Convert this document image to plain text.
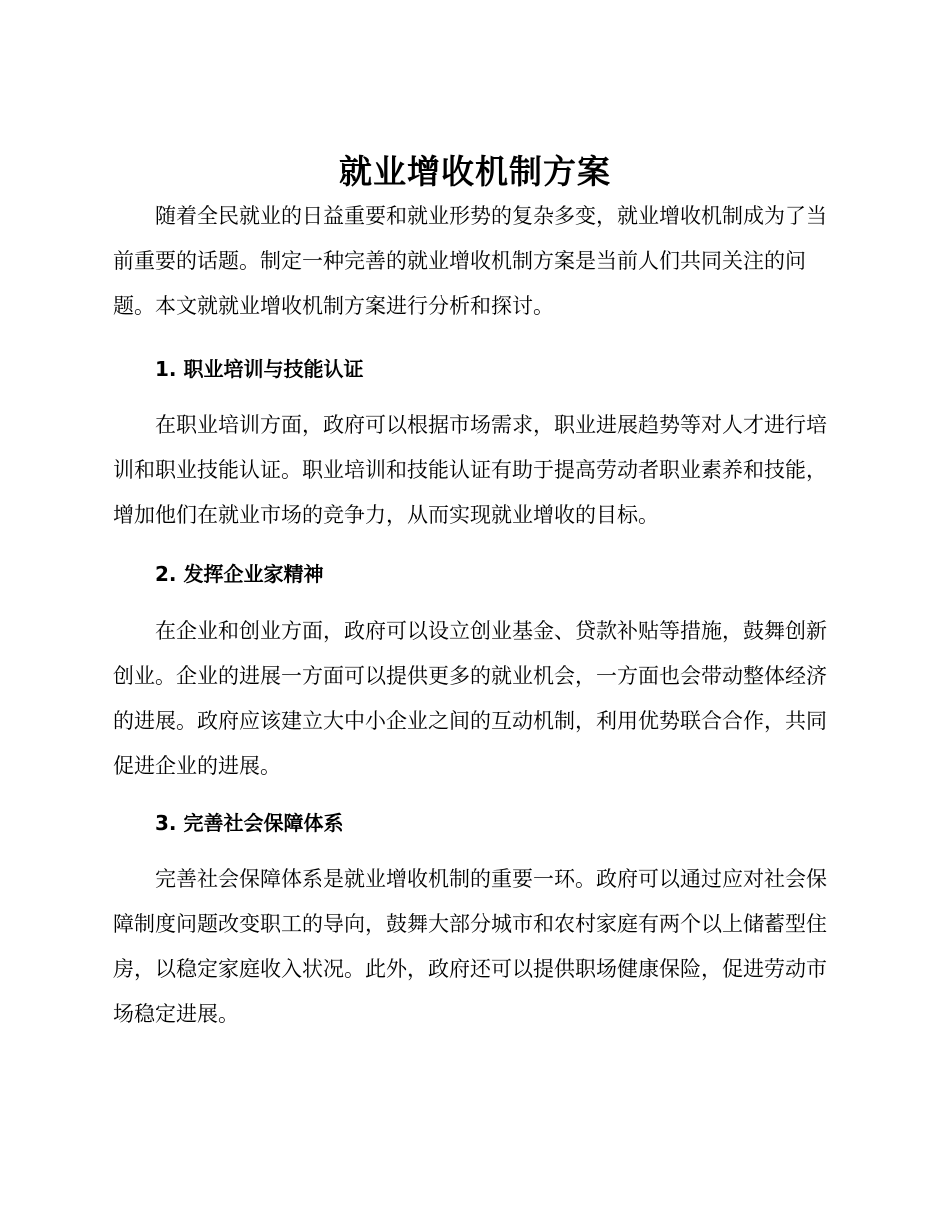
就业增收机制方案

随着全民就业的日益重要和就业形势的复杂多变，就业增收机制成为了当前重要的话题。制定一种完善的就业增收机制方案是当前人们共同关注的问题。本文就就业增收机制方案进行分析和探讨。

1. 职业培训与技能认证

在职业培训方面，政府可以根据市场需求，职业进展趋势等对人才进行培训和职业技能认证。职业培训和技能认证有助于提高劳动者职业素养和技能，增加他们在就业市场的竞争力，从而实现就业增收的目标。

2. 发挥企业家精神

在企业和创业方面，政府可以设立创业基金、贷款补贴等措施，鼓舞创新创业。企业的进展一方面可以提供更多的就业机会，一方面也会带动整体经济的进展。政府应该建立大中小企业之间的互动机制，利用优势联合合作，共同促进企业的进展。

3. 完善社会保障体系

完善社会保障体系是就业增收机制的重要一环。政府可以通过应对社会保障制度问题改变职工的导向，鼓舞大部分城市和农村家庭有两个以上储蓄型住房，以稳定家庭收入状况。此外，政府还可以提供职场健康保险，促进劳动市场稳定进展。
